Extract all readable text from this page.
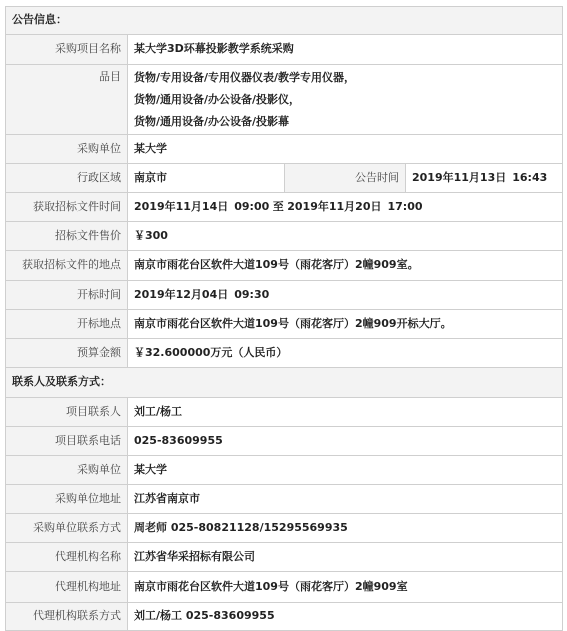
公告信息：			
采购项目名称	某大学3D环幕投影教学系统采购		
品目	货物/专用设备/专用仪器仪表/教学专用仪器，
货物/通用设备/办公设备/投影仪，
货物/通用设备/办公设备/投影幕		

采购单位	某大学		
行政区域	南京市	公告时间	2019年11月13日 16:43
获取招标文件时间	2019年11月14日 09:00 至 2019年11月20日 17:00		
招标文件售价	￥300		
获取招标文件的地点	南京市雨花台区软件大道109号（雨花客厅）2幢909室。		
开标时间	2019年12月04日 09:30		
开标地点	南京市雨花台区软件大道109号（雨花客厅）2幢909开标大厅。		
预算金额	￥32.600000万元（人民币）		
联系人及联系方式：			
项目联系人	刘工/杨工		
项目联系电话	025-83609955		
采购单位	某大学		
采购单位地址	江苏省南京市		
采购单位联系方式	周老师 025-80821128/15295569935		
代理机构名称	江苏省华采招标有限公司		
代理机构地址	南京市雨花台区软件大道109号（雨花客厅）2幢909室		
代理机构联系方式	刘工/杨工 025-83609955		
